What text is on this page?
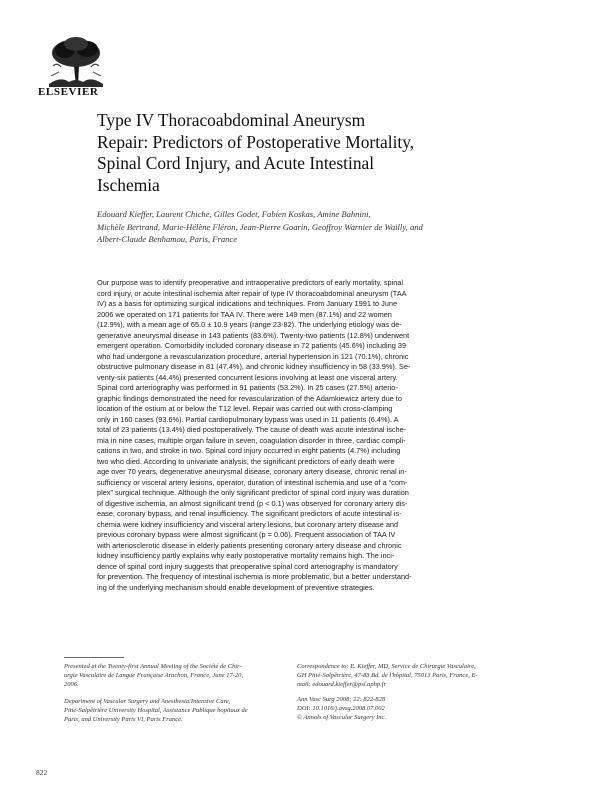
ELSEVIER
Type IV Thoracoabdominal Aneurysm
Repair: Predictors of Postoperative Mortality,
Spinal Cord Injury, and Acute Intestinal
Ischemia
Edouard Kieffer, Laurent Chiche, Gilles Godet, Fabien Koskas, Amine Bahnini,
Michèle Bertrand, Marie-Hélène Fléron, Jean-Pierre Goarin, Geoffroy Warnier de Wailly, and
Albert-Claude Benhamou, Paris, France
Our purpose was to identify preoperative and intraoperative predictors of early mortality, spinal
cord injury, or acute intestinal ischemia after repair of type IV thoracoabdominal aneurysm (TAA
IV) as a basis for optimizing surgical indications and techniques. From January 1991 to June
2006 we operated on 171 patients for TAA IV. There were 149 men (87.1%) and 22 women
(12.9%), with a mean age of 65.0 ± 10.9 years (range 23-82). The underlying etiology was de-
generative aneurysmal disease in 143 patients (83.6%). Twenty-two patients (12.8%) underwent
emergent operation. Comorbidity included coronary disease in 72 patients (45.6%) including 39
who had undergone a revascularization procedure, arterial hypertension in 121 (70.1%), chronic
obstructive pulmonary disease in 81 (47.4%), and chronic kidney insufficiency in 58 (33.9%). Se-
venty-six patients (44.4%) presented concurrent lesions involving at least one visceral artery.
Spinal cord arteriography was performed in 91 patients (53.2%). In 25 cases (27.5%) arterio-
graphic findings demonstrated the need for revascularization of the Adamkiewicz artery due to
location of the ostium at or below the T12 level. Repair was carried out with cross-clamping
only in 160 cases (93.6%). Partial cardiopulmonary bypass was used in 11 patients (6.4%). A
total of 23 patients (13.4%) died postoperatively. The cause of death was acute intestinal ische-
mia in nine cases, multiple organ failure in seven, coagulation disorder in three, cardiac compli-
cations in two, and stroke in two. Spinal cord injury occurred in eight patients (4.7%) including
two who died. According to univariate analysis, the significant predictors of early death were
age over 70 years, degenerative aneurysmal disease, coronary artery disease, chronic renal in-
sufficiency or visceral artery lesions, operator, duration of intestinal ischemia and use of a “com-
plex” surgical technique. Although the only significant predictor of spinal cord injury was duration
of digestive ischemia, an almost significant trend (p < 0.1) was observed for coronary artery dis-
ease, coronary bypass, and renal insufficiency. The significant predictors of acute intestinal is-
chemia were kidney insufficiency and visceral artery lesions, but coronary artery disease and
previous coronary bypass were almost significant (p = 0.06). Frequent association of TAA IV
with arteriosclerotic disease in elderly patients presenting coronary artery disease and chronic
kidney insufficiency partly explains why early postoperative mortality remains high. The inci-
dence of spinal cord injury suggests that preoperative spinal cord arteriography is mandatory
for prevention. The frequency of intestinal ischemia is more problematic, but a better understand-
ing of the underlying mechanism should enable development of preventive strategies.
Presented at the Twenty-first Annual Meeting of the Société de Chir-
urgie Vasculaire de Langue Française Arachon, France, June 17-20,
2006.
Department of Vascular Surgery and Anesthesia/Intensive Care,
Pitié-Salpêtrière University Hospital, Assistance Publique hopitaux de
Paris, and University Paris VI, Paris France.
Correspondence to: E. Kieffer, MD, Service de Chirurgie Vasculaire,
GH Pitié-Salpêtrière, 47-83 Bd. de l'hôpital, 75013 Paris, France, E-
mail: edouard.kieffer@psl.aphp.fr
Ann Vasc Surg 2008; 22: 822-828
DOI: 10.1016/j.avsg.2008.07.002
© Annals of Vascular Surgery Inc.
822
